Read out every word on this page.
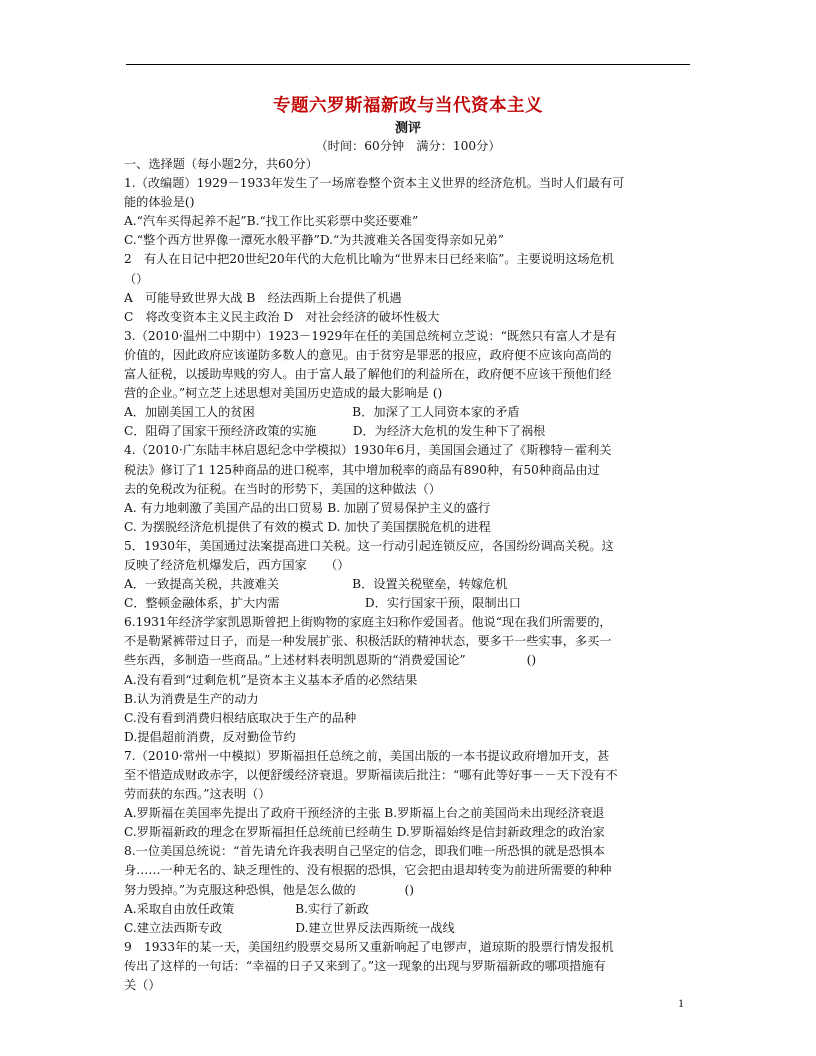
专题六罗斯福新政与当代资本主义
测评
（时间：60分钟　满分：100分）
一、选择题（每小题2分，共60分）
1.（改编题）1929－1933年发生了一场席卷整个资本主义世界的经济危机。当时人们最有可
能的体验是()
A.“汽车买得起养不起”B.“找工作比买彩票中奖还要难”
C.“整个西方世界像一潭死水般平静”D.“为共渡难关各国变得亲如兄弟”
2　有人在日记中把20世纪20年代的大危机比喻为“世界末日已经来临”。主要说明这场危机
（）
A　可能导致世界大战 B　经法西斯上台提供了机遇
C　将改变资本主义民主政治 D　对社会经济的破坏性极大
3.（2010·温州二中期中）1923－1929年在任的美国总统柯立芝说：“既然只有富人才是有
价值的，因此政府应该谨防多数人的意见。由于贫穷是罪恶的报应，政府便不应该向高尚的
富人征税，以援助卑贱的穷人。由于富人最了解他们的利益所在，政府便不应该干预他们经
营的企业。”柯立芝上述思想对美国历史造成的最大影响是 ()
A．加剧美国工人的贫困　　　　　　　　B．加深了工人同资本家的矛盾
C．阻碍了国家干预经济政策的实施　　　D．为经济大危机的发生种下了祸根
4.（2010·广东陆丰林启恩纪念中学模拟）1930年6月，美国国会通过了《斯穆特－霍利关
税法》修订了1 125种商品的进口税率，其中增加税率的商品有890种，有50种商品由过
去的免税改为征税。在当时的形势下，美国的这种做法（）
A. 有力地刺激了美国产品的出口贸易 B. 加剧了贸易保护主义的盛行
C. 为摆脱经济危机提供了有效的模式 D. 加快了美国摆脱危机的进程
5．1930年，美国通过法案提高进口关税。这一行动引起连锁反应，各国纷纷调高关税。这
反映了经济危机爆发后，西方国家　　（）
A．一致提高关税，共渡难关　　　　　　B．设置关税壁垒，转嫁危机
C．整顿金融体系，扩大内需　　　　　　　D．实行国家干预，限制出口
6.1931年经济学家凯恩斯曾把上街购物的家庭主妇称作爱国者。他说“现在我们所需要的，
不是勒紧裤带过日子，而是一种发展扩张、积极活跃的精神状态，要多干一些实事，多买一
些东西，多制造一些商品。”上述材料表明凯恩斯的“消费爱国论”　　　　　()
A.没有看到“过剩危机”是资本主义基本矛盾的必然结果
B.认为消费是生产的动力
C.没有看到消费归根结底取决于生产的品种
D.提倡超前消费，反对勤俭节约
7.（2010·常州一中模拟）罗斯福担任总统之前，美国出版的一本书提议政府增加开支，甚
至不惜造成财政赤字，以便舒缓经济衰退。罗斯福读后批注：“哪有此等好事－－天下没有不
劳而获的东西。”这表明（）
A.罗斯福在美国率先提出了政府干预经济的主张 B.罗斯福上台之前美国尚未出现经济衰退
C.罗斯福新政的理念在罗斯福担任总统前已经萌生 D.罗斯福始终是信封新政理念的政治家
8.一位美国总统说：“首先请允许我表明自己坚定的信念，即我们唯一所恐惧的就是恐惧本
身……一种无名的、缺乏理性的、没有根据的恐惧，它会把由退却转变为前进所需要的种种
努力毁掉。”为克服这种恐惧，他是怎么做的　　　　()
A.采取自由放任政策　　　　　B.实行了新政
C.建立法西斯专政　　　　　　D.建立世界反法西斯统一战线
9　1933年的某一天，美国纽约股票交易所又重新响起了电锣声，道琼斯的股票行情发报机
传出了这样的一句话：“幸福的日子又来到了。”这一现象的出现与罗斯福新政的哪项措施有
关（）
1
